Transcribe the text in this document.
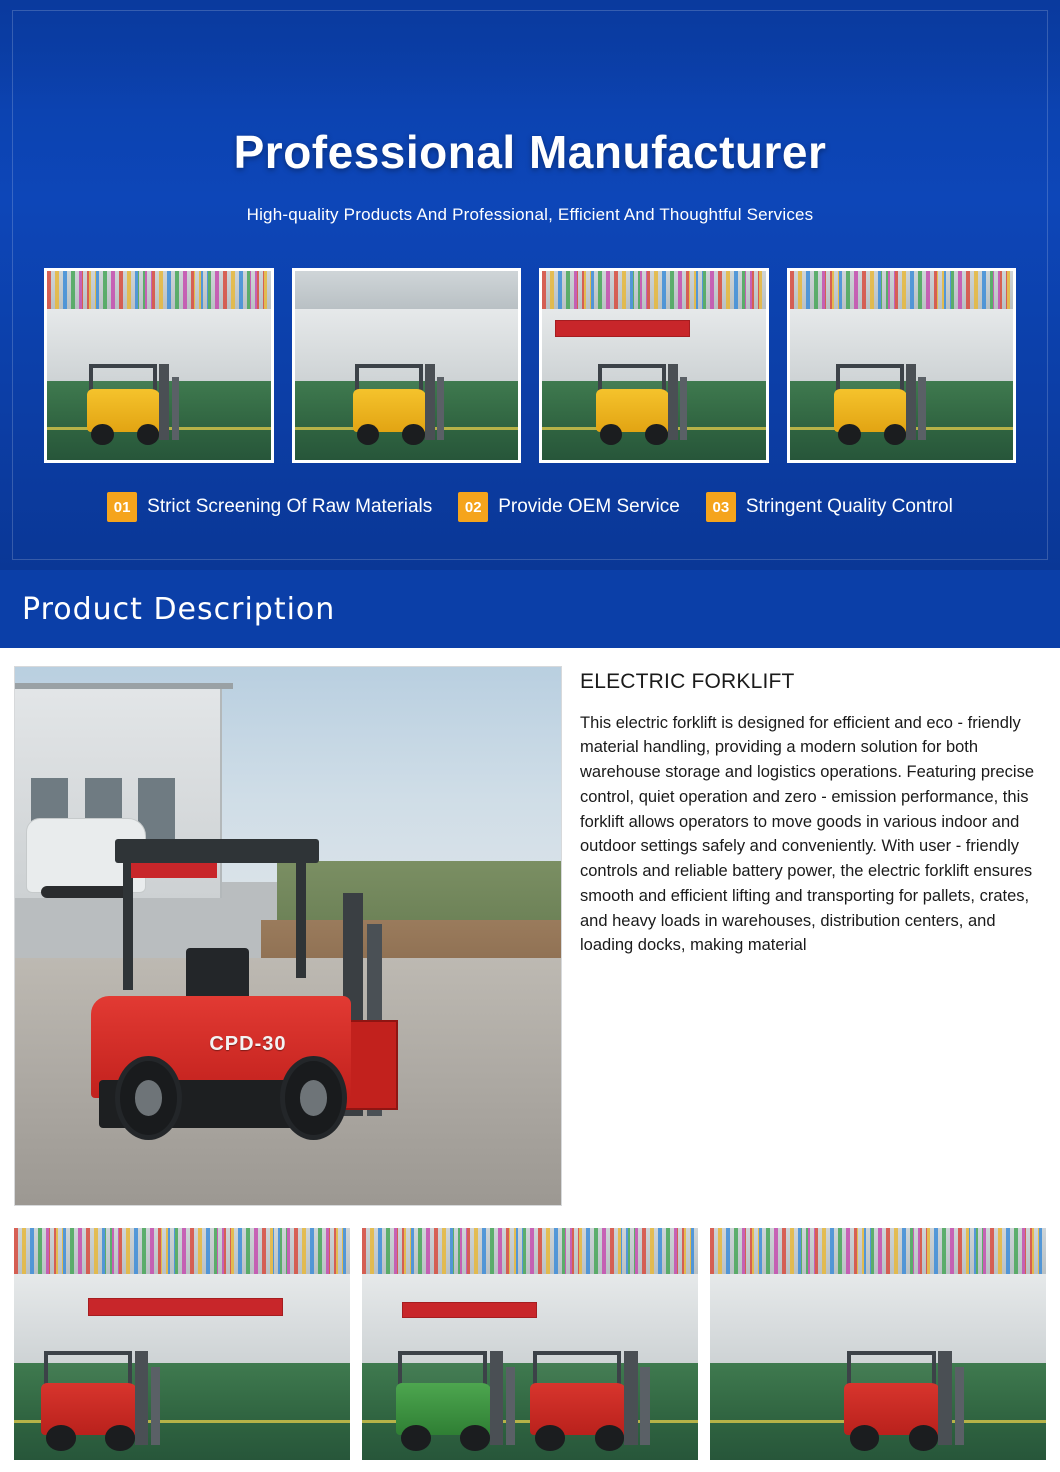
Professional Manufacturer
High-quality Products And Professional, Efficient And Thoughtful Services
01 Strict Screening Of Raw Materials	02 Provide OEM Service	03 Stringent Quality Control
Product Description
CPD-30
ELECTRIC FORKLIFT

This electric forklift is designed for efficient and eco - friendly material handling, providing a modern solution for both warehouse storage and logistics operations. Featuring precise control, quiet operation and zero - emission performance, this forklift allows operators to move goods in various indoor and outdoor settings safely and conveniently. With user - friendly controls and reliable battery power, the electric forklift ensures smooth and efficient lifting and transporting for pallets, crates, and heavy loads in warehouses, distribution centers, and loading docks, making material
